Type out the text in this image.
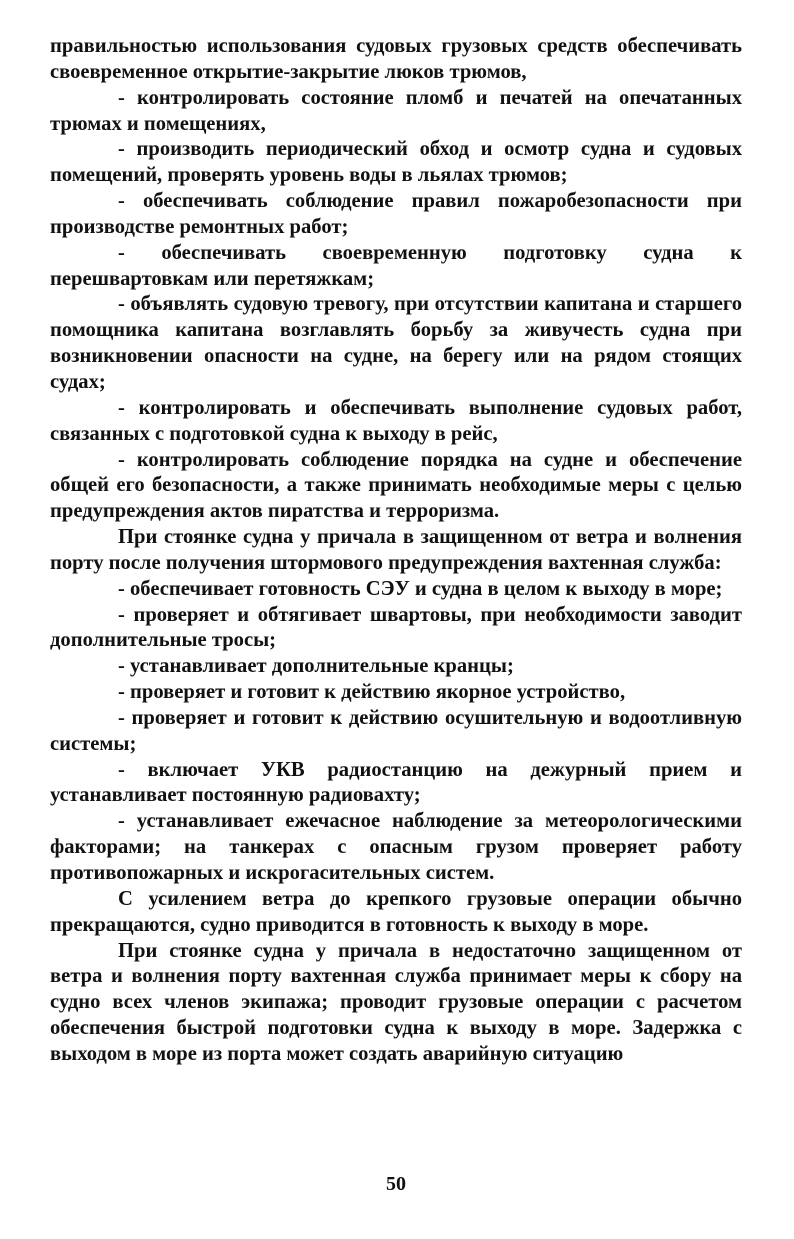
правильностью использования судовых грузовых средств обеспечивать своевременное открытие-закрытие люков трюмов,

- контролировать состояние пломб и печатей на опечатанных трюмах и помещениях,

- производить периодический обход и осмотр судна и судовых помещений, проверять уровень воды в льялах трюмов;

- обеспечивать соблюдение правил пожаробезопасности при производстве ремонтных работ;

- обеспечивать своевременную подготовку судна к перешвартовкам или перетяжкам;

- объявлять судовую тревогу, при отсутствии капитана и старшего помощника капитана возглавлять борьбу за живучесть судна при возникновении опасности на судне, на берегу или на рядом стоящих судах;

- контролировать и обеспечивать выполнение судовых работ, связанных с подготовкой судна к выходу в рейс,

- контролировать соблюдение порядка на судне и обеспечение общей его безопасности, а также принимать необходимые меры с целью предупреждения актов пиратства и терроризма.

При стоянке судна у причала в защищенном от ветра и волнения порту после получения штормового предупреждения вахтенная служба:

- обеспечивает готовность СЭУ и судна в целом к выходу в море;

- проверяет и обтягивает швартовы, при необходимости заводит дополнительные тросы;

- устанавливает дополнительные кранцы;

- проверяет и готовит к действию якорное устройство,

- проверяет и готовит к действию осушительную и водоотливную системы;

- включает УКВ радиостанцию на дежурный прием и устанавливает постоянную радиовахту;

- устанавливает ежечасное наблюдение за метеорологическими факторами; на танкерах с опасным грузом проверяет работу противопожарных и искрогасительных систем.

С усилением ветра до крепкого грузовые операции обычно прекращаются, судно приводится в готовность к выходу в море.

При стоянке судна у причала в недостаточно защищенном от ветра и волнения порту вахтенная служба принимает меры к сбору на судно всех членов экипажа; проводит грузовые операции с расчетом обеспечения быстрой подготовки судна к выходу в море. Задержка с выходом в море из порта может создать аварийную ситуацию

50
